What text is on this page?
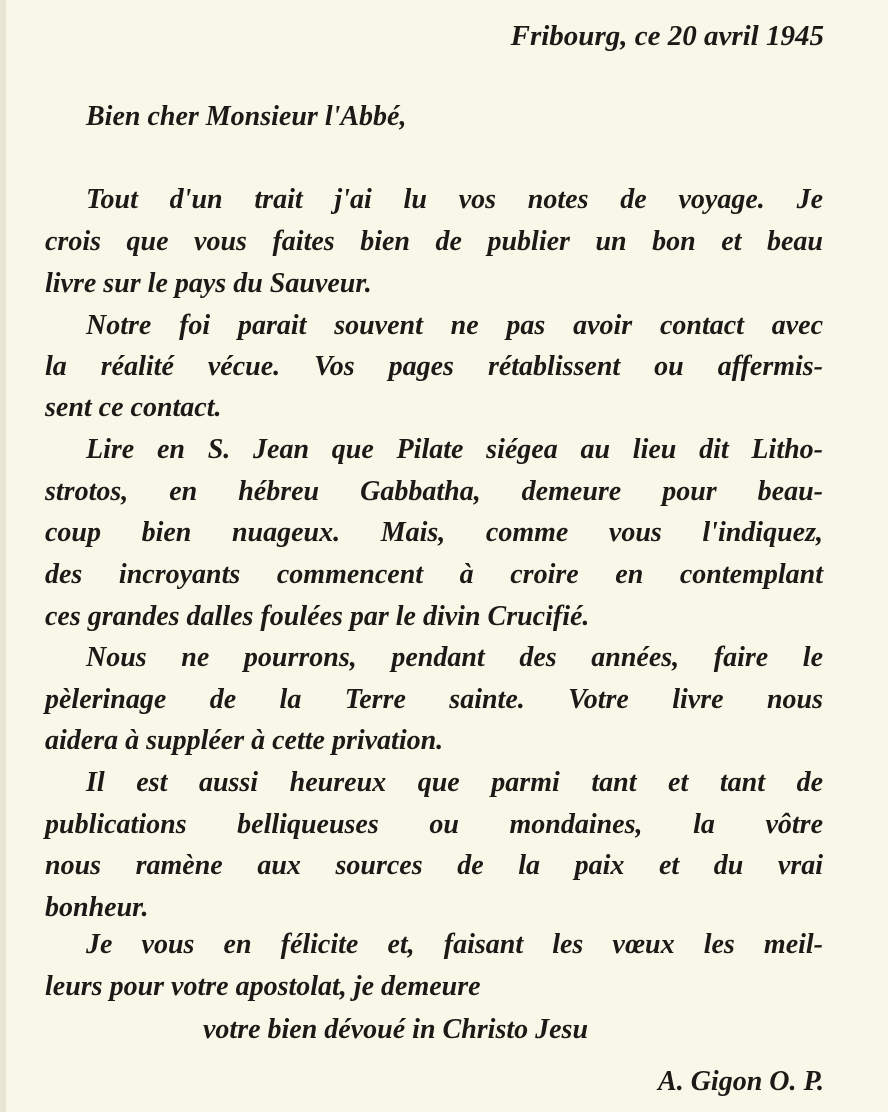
Fribourg, ce 20 avril 1945
Bien cher Monsieur l'Abbé,
Tout d'un trait j'ai lu vos notes de voyage. Je
crois que vous faites bien de publier un bon et beau
livre sur le pays du Sauveur.
Notre foi parait souvent ne pas avoir contact avec
la réalité vécue. Vos pages rétablissent ou affermis-
sent ce contact.
Lire en S. Jean que Pilate siégea au lieu dit Litho-
strotos, en hébreu Gabbatha, demeure pour beau-
coup bien nuageux. Mais, comme vous l'indiquez,
des incroyants commencent à croire en contemplant
ces grandes dalles foulées par le divin Crucifié.
Nous ne pourrons, pendant des années, faire le
pèlerinage de la Terre sainte. Votre livre nous
aidera à suppléer à cette privation.
Il est aussi heureux que parmi tant et tant de
publications belliqueuses ou mondaines, la vôtre
nous ramène aux sources de la paix et du vrai
bonheur.
Je vous en félicite et, faisant les vœux les meil-
leurs pour votre apostolat, je demeure
votre bien dévoué in Christo Jesu
A. Gigon O. P.
